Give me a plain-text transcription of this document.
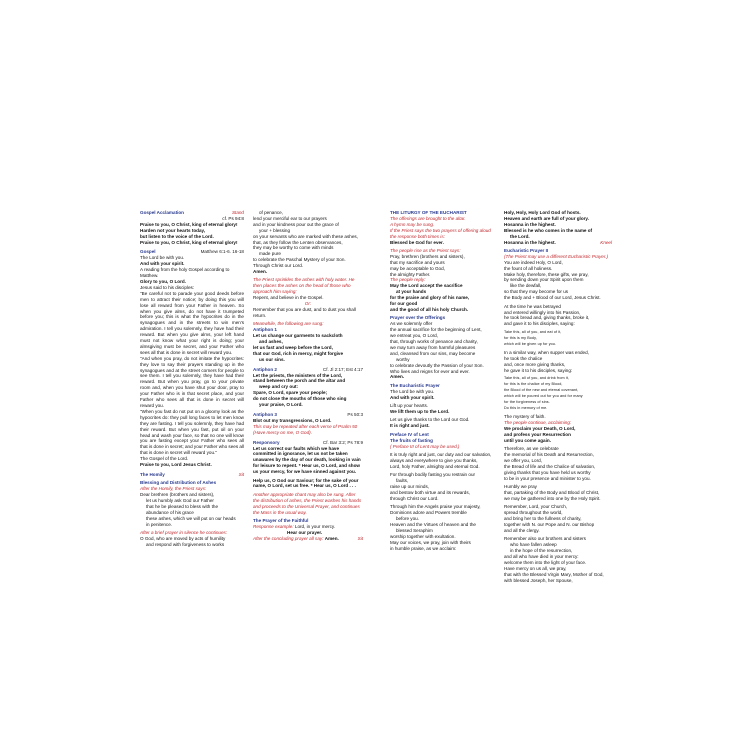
Gospel Acclamation	Stand

cf. Ps 94:8

Praise to you, O Christ, king of eternal glory!

Harden not your hearts today,

but listen to the voice of the Lord.

Praise to you, O Christ, king of eternal glory!

Gospel	Matthew 6:1-6. 16-18

The Lord be with you.

And with your spirit.

A reading from the holy Gospel according to Matthew.

Glory to you, O Lord.

Jesus said to his disciples:

"Be careful not to parade your good deeds before men to attract their notice; by doing this you will lose all reward from your Father in heaven. So when you give alms, do not have it trumpeted before you; this is what the hypocrites do in the synagogues and in the streets to win men's admiration. I tell you solemnly, they have had their reward. But when you give alms, your left hand must not know what your right is doing; your almsgiving must be secret, and your Father who sees all that is done in secret will reward you.

"And when you pray, do not imitate the hypocrites: they love to say their prayers standing up in the synagogues and at the street corners for people to see them. I tell you solemnly, they have had their reward. But when you pray, go to your private room and, when you have shut your door, pray to your Father who is in that secret place, and your Father who sees all that is done in secret will reward you.

"When you fast do not put on a gloomy look as the hypocrites do: they pull long faces to let men know they are fasting. I tell you solemnly, they have had their reward. But when you fast, put oil on your head and wash your face, so that no one will know you are fasting except your Father who sees all that is done in secret; and your Father who sees all that is done in secret will reward you."

The Gospel of the Lord.

Praise to you, Lord Jesus Christ.

The Homily	Sit

Blessing and Distribution of Ashes

After the Homily, the Priest says:

Dear brethren (brothers and sisters),

let us humbly ask God our Father

that he be pleased to bless with the

abundance of his grace

these ashes, which we will put on our heads

in penitence.

After a brief prayer in silence he continues:

O God, who are moved by acts of humility

and respond with forgiveness to works

of penance,

lend your merciful ear to our prayers

and in your kindness pour out the grace of

your + blessing

on your servants who are marked with these ashes,

that, as they follow the Lenten observances,

they may be worthy to come with minds

made pure

to celebrate the Paschal Mystery of your Son.

Through Christ our Lord.

Amen.

The Priest sprinkles the ashes with holy water. He then places the ashes on the head of those who approach him saying:

Repent, and believe in the Gospel.

Or:

Remember that you are dust, and to dust you shall return.

Meanwhile, the following are sung:

Antiphon 1

Let us change our garments to sackcloth

and ashes,

let us fast and weep before the Lord,

that our God, rich in mercy, might forgive

us our sins.

Antiphon 2	Cf. Jl 2:17; Est 4:17

Let the priests, the ministers of the Lord,

stand between the porch and the altar and

weep and cry out:

Spare, O Lord, spare your people;

do not close the mouths of those who sing

your praise, O Lord.

Antiphon 3	Ps 50:3

Blot out my transgressions, O Lord.

This may be repeated after each verse of Psalm 50 (Have mercy on me, O God).

Responsory	Cf. Bar 3:2; Ps 78:9

Let us correct our faults which we have committed in ignorance, let us not be taken unawares by the day of our death, looking in vain for leisure to repent. * Hear us, O Lord, and show us your mercy, for we have sinned against you.

Help us, O God our Saviour; for the sake of your name, O Lord, set us free. * Hear us, O Lord . . .

Another appropriate chant may also be sung. After the distribution of ashes, the Priest washes his hands and proceeds to the Universal Prayer, and continues the Mass in the usual way.

The Prayer of the Faithful

Response example: Lord, in your mercy.

Hear our prayer.

After the concluding prayer all say: Amen.	Sit

THE LITURGY OF THE EUCHARIST

The offerings are brought to the altar.

A hymn may be sung.

If the Priest says the two prayers of offering aloud the response both times is:

Blessed be God for ever.

The people rise as the Priest says:

Pray, brethren (brothers and sisters),

that my sacrifice and yours

may be acceptable to God,

the almighty Father.

The people reply:

May the Lord accept the sacrifice

at your hands

for the praise and glory of his name,

for our good

and the good of all his holy Church.

Prayer over the Offerings

As we solemnly offer

the annual sacrifice for the beginning of Lent,

we entreat you, O Lord,

that, through works of penance and charity,

we may turn away from harmful pleasures

and, cleansed from our sins, may become

worthy

to celebrate devoutly the Passion of your Son.

Who lives and reigns for ever and ever.

Amen.

The Eucharistic Prayer

The Lord be with you.

And with your spirit.

Lift up your hearts.

We lift them up to the Lord.

Let us give thanks to the Lord our God.

It is right and just.

Preface IV of Lent

The fruits of fasting

( Preface III of Lent may be used.)

It is truly right and just, our duty and our salvation,

always and everywhere to give you thanks,

Lord, holy Father, almighty and eternal God.

For through bodily fasting you restrain our

faults,

raise up our minds,

and bestow both virtue and its rewards,

through Christ our Lord.

Through him the Angels praise your majesty,

Dominions adore and Powers tremble

before you.

Heaven and the Virtues of heaven and the

blessed Seraphim

worship together with exultation.

May our voices, we pray, join with theirs

in humble praise, as we acclaim:

Holy, Holy, Holy Lord God of hosts.

Heaven and earth are full of your glory.

Hosanna in the highest.

Blessed is he who comes in the name of

the Lord.

Hosanna in the highest.	Kneel

Eucharistic Prayer II

(The Priest may use a different Eucharistic Prayer.)

You are indeed Holy, O Lord,

the fount of all holiness.

Make holy, therefore, these gifts, we pray,

by sending down your Spirit upon them

like the dewfall,

so that they may become for us

the Body and + Blood of our Lord, Jesus Christ.

At the time he was betrayed

and entered willingly into his Passion,

he took bread and, giving thanks, broke it,

and gave it to his disciples, saying:

Take this, all of you, and eat of it,

for this is my Body,

which will be given up for you.

In a similar way, when supper was ended,

he took the chalice

and, once more giving thanks,

he gave it to his disciples, saying:

Take this, all of you, and drink from it,

for this is the chalice of my Blood,

the Blood of the new and eternal covenant,

which will be poured out for you and for many

for the forgiveness of sins.

Do this in memory of me.

The mystery of faith.

The people continue, acclaiming:

We proclaim your Death, O Lord,

and profess your Resurrection

until you come again.

Therefore, as we celebrate

the memorial of his Death and Resurrection,

we offer you, Lord,

the Bread of life and the Chalice of salvation,

giving thanks that you have held us worthy

to be in your presence and minister to you.

Humbly we pray

that, partaking of the Body and Blood of Christ,

we may be gathered into one by the Holy Spirit.

Remember, Lord, your Church,

spread throughout the world,

and bring her to the fullness of charity,

together with N. our Pope and N. our Bishop

and all the clergy.

Remember also our brothers and sisters

who have fallen asleep

in the hope of the resurrection,

and all who have died in your mercy:

welcome them into the light of your face.

Have mercy on us all, we pray,

that with the Blessed Virgin Mary, Mother of God,

with blessed Joseph, her Spouse,
